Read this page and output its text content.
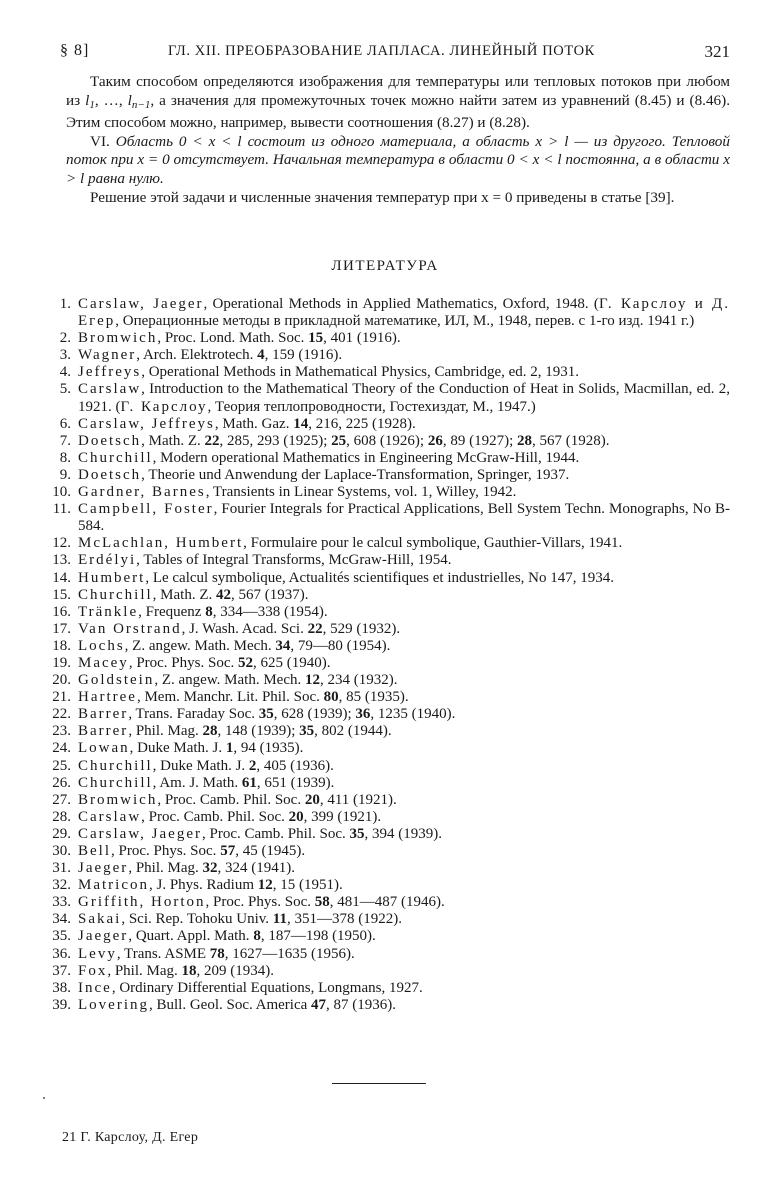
§ 8]	ГЛ. XII. ПРЕОБРАЗОВАНИЕ ЛАПЛАСА. ЛИНЕЙНЫЙ ПОТОК	321

Таким способом определяются изображения для температуры или тепловых потоков при любом из $l_1$, …, $l_{n-1}$, а значения для промежуточных точек можно найти затем из уравнений (8.45) и (8.46). Этим способом можно, например, вывести соотношения (8.27) и (8.28).

VI. Область 0 < x < l состоит из одного материала, а область x > l — из другого. Тепловой поток при x = 0 отсутствует. Начальная температура в области 0 < x < l постоянна, а в области x > l равна нулю.

Решение этой задачи и численные значения температур при x = 0 приведены в статье [39].

ЛИТЕРАТУРА
1. Carslaw, Jaeger, Operational Methods in Applied Mathematics, Oxford, 1948. (Г. Карслоу и Д. Егер, Операционные методы в прикладной математике, ИЛ, М., 1948, перев. с 1-го изд. 1941 г.)
2. Bromwich, Proc. Lond. Math. Soc. 15, 401 (1916).
3. Wagner, Arch. Elektrotech. 4, 159 (1916).
4. Jeffreys, Operational Methods in Mathematical Physics, Cambridge, ed. 2, 1931.
5. Carslaw, Introduction to the Mathematical Theory of the Conduction of Heat in Solids, Macmillan, ed. 2, 1921. (Г. Карслоу, Теория теплопроводности, Гостехиздат, М., 1947.)
6. Carslaw, Jeffreys, Math. Gaz. 14, 216, 225 (1928).
7. Doetsch, Math. Z. 22, 285, 293 (1925); 25, 608 (1926); 26, 89 (1927); 28, 567 (1928).
8. Churchill, Modern operational Mathematics in Engineering McGraw-Hill, 1944.
9. Doetsch, Theorie und Anwendung der Laplace-Transformation, Springer, 1937.
10. Gardner, Barnes, Transients in Linear Systems, vol. 1, Willey, 1942.
11. Campbell, Foster, Fourier Integrals for Practical Applications, Bell System Techn. Monographs, No B-584.
12. McLachlan, Humbert, Formulaire pour le calcul symbolique, Gauthier-Villars, 1941.
13. Erdélyi, Tables of Integral Transforms, McGraw-Hill, 1954.
14. Humbert, Le calcul symbolique, Actualités scientifiques et industrielles, No 147, 1934.
15. Churchill, Math. Z. 42, 567 (1937).
16. Tränkle, Frequenz 8, 334—338 (1954).
17. Van Orstrand, J. Wash. Acad. Sci. 22, 529 (1932).
18. Lochs, Z. angew. Math. Mech. 34, 79—80 (1954).
19. Macey, Proc. Phys. Soc. 52, 625 (1940).
20. Goldstein, Z. angew. Math. Mech. 12, 234 (1932).
21. Hartree, Mem. Manchr. Lit. Phil. Soc. 80, 85 (1935).
22. Barrer, Trans. Faraday Soc. 35, 628 (1939); 36, 1235 (1940).
23. Barrer, Phil. Mag. 28, 148 (1939); 35, 802 (1944).
24. Lowan, Duke Math. J. 1, 94 (1935).
25. Churchill, Duke Math. J. 2, 405 (1936).
26. Churchill, Am. J. Math. 61, 651 (1939).
27. Bromwich, Proc. Camb. Phil. Soc. 20, 411 (1921).
28. Carslaw, Proc. Camb. Phil. Soc. 20, 399 (1921).
29. Carslaw, Jaeger, Proc. Camb. Phil. Soc. 35, 394 (1939).
30. Bell, Proc. Phys. Soc. 57, 45 (1945).
31. Jaeger, Phil. Mag. 32, 324 (1941).
32. Matricon, J. Phys. Radium 12, 15 (1951).
33. Griffith, Horton, Proc. Phys. Soc. 58, 481—487 (1946).
34. Sakai, Sci. Rep. Tohoku Univ. 11, 351—378 (1922).
35. Jaeger, Quart. Appl. Math. 8, 187—198 (1950).
36. Levy, Trans. ASME 78, 1627—1635 (1956).
37. Fox, Phil. Mag. 18, 209 (1934).
38. Ince, Ordinary Differential Equations, Longmans, 1927.
39. Lovering, Bull. Geol. Soc. America 47, 87 (1936).
21 Г. Карслоу, Д. Егер
